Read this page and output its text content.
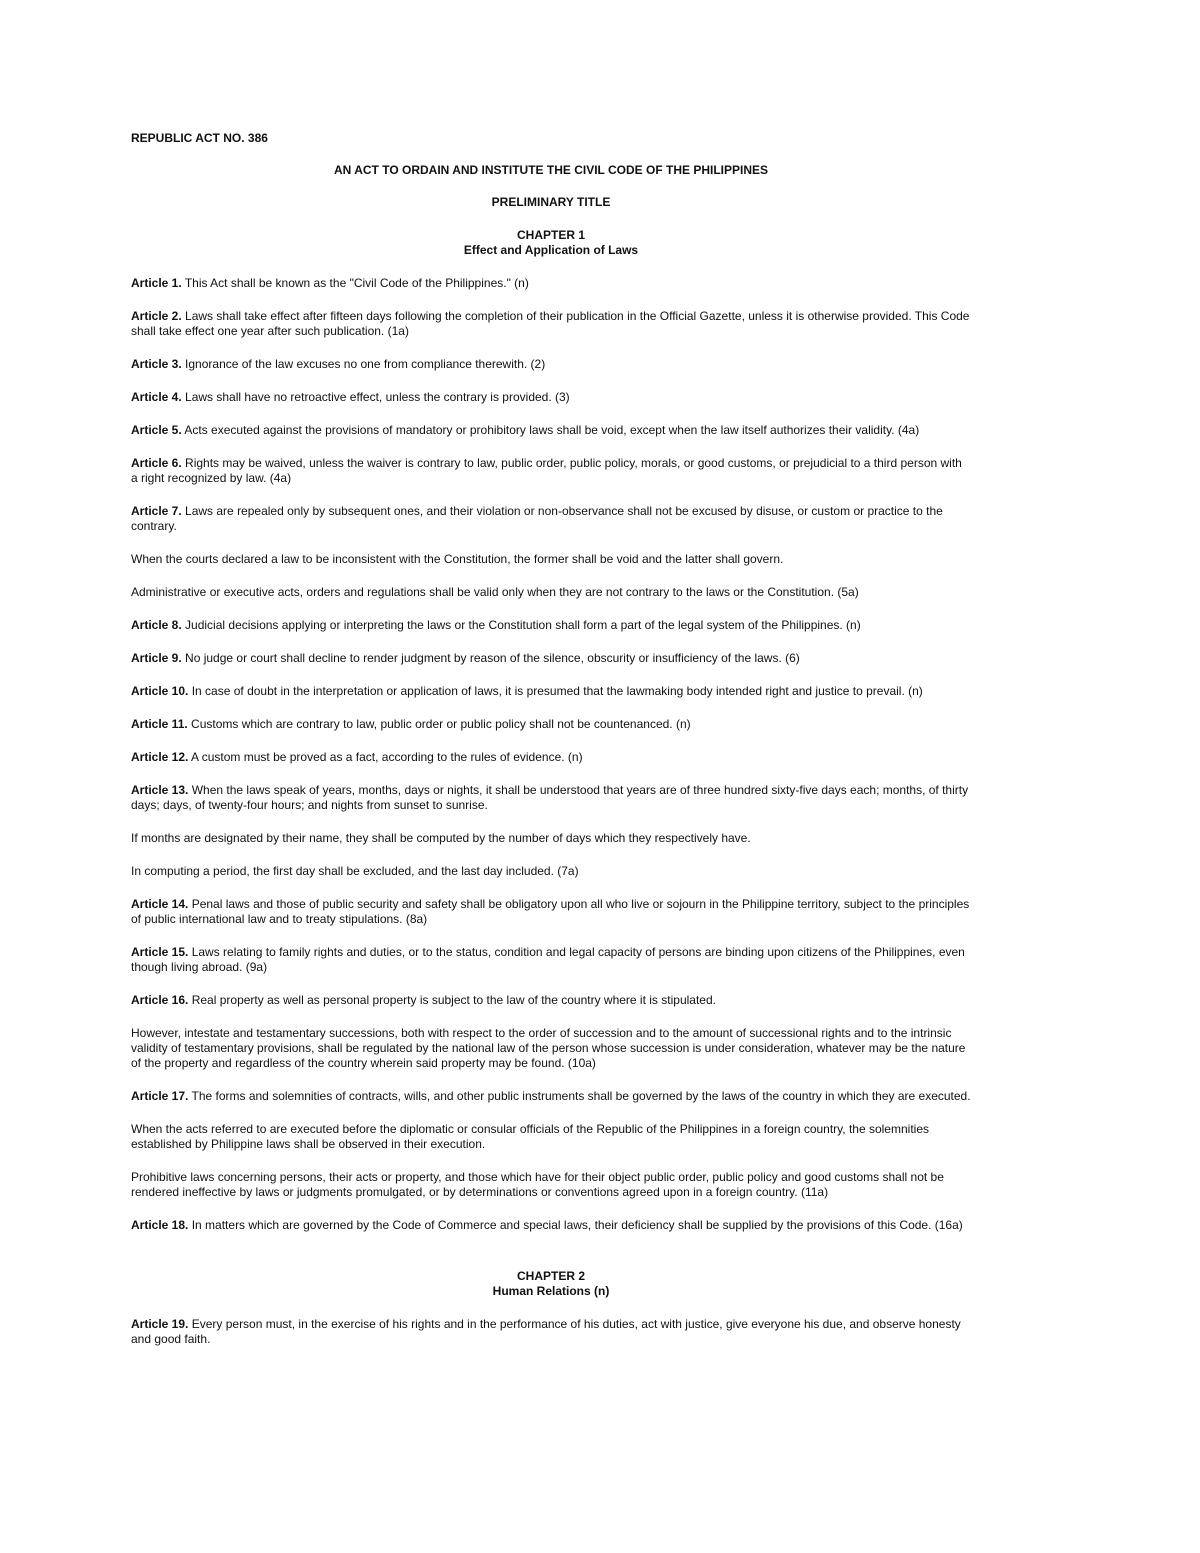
REPUBLIC ACT NO. 386
AN ACT TO ORDAIN AND INSTITUTE THE CIVIL CODE OF THE PHILIPPINES
PRELIMINARY TITLE
CHAPTER 1
Effect and Application of Laws

Article 1. This Act shall be known as the "Civil Code of the Philippines." (n)

Article 2. Laws shall take effect after fifteen days following the completion of their publication in the Official Gazette, unless it is otherwise provided. This Code shall take effect one year after such publication. (1a)

Article 3. Ignorance of the law excuses no one from compliance therewith. (2)

Article 4. Laws shall have no retroactive effect, unless the contrary is provided. (3)

Article 5. Acts executed against the provisions of mandatory or prohibitory laws shall be void, except when the law itself authorizes their validity. (4a)

Article 6. Rights may be waived, unless the waiver is contrary to law, public order, public policy, morals, or good customs, or prejudicial to a third person with a right recognized by law. (4a)

Article 7. Laws are repealed only by subsequent ones, and their violation or non-observance shall not be excused by disuse, or custom or practice to the contrary.

When the courts declared a law to be inconsistent with the Constitution, the former shall be void and the latter shall govern.

Administrative or executive acts, orders and regulations shall be valid only when they are not contrary to the laws or the Constitution. (5a)

Article 8. Judicial decisions applying or interpreting the laws or the Constitution shall form a part of the legal system of the Philippines. (n)

Article 9. No judge or court shall decline to render judgment by reason of the silence, obscurity or insufficiency of the laws. (6)

Article 10. In case of doubt in the interpretation or application of laws, it is presumed that the lawmaking body intended right and justice to prevail. (n)

Article 11. Customs which are contrary to law, public order or public policy shall not be countenanced. (n)

Article 12. A custom must be proved as a fact, according to the rules of evidence. (n)

Article 13. When the laws speak of years, months, days or nights, it shall be understood that years are of three hundred sixty-five days each; months, of thirty days; days, of twenty-four hours; and nights from sunset to sunrise.

If months are designated by their name, they shall be computed by the number of days which they respectively have.

In computing a period, the first day shall be excluded, and the last day included. (7a)

Article 14. Penal laws and those of public security and safety shall be obligatory upon all who live or sojourn in the Philippine territory, subject to the principles of public international law and to treaty stipulations. (8a)

Article 15. Laws relating to family rights and duties, or to the status, condition and legal capacity of persons are binding upon citizens of the Philippines, even though living abroad. (9a)

Article 16. Real property as well as personal property is subject to the law of the country where it is stipulated.

However, intestate and testamentary successions, both with respect to the order of succession and to the amount of successional rights and to the intrinsic validity of testamentary provisions, shall be regulated by the national law of the person whose succession is under consideration, whatever may be the nature of the property and regardless of the country wherein said property may be found. (10a)

Article 17. The forms and solemnities of contracts, wills, and other public instruments shall be governed by the laws of the country in which they are executed.

When the acts referred to are executed before the diplomatic or consular officials of the Republic of the Philippines in a foreign country, the solemnities established by Philippine laws shall be observed in their execution.

Prohibitive laws concerning persons, their acts or property, and those which have for their object public order, public policy and good customs shall not be rendered ineffective by laws or judgments promulgated, or by determinations or conventions agreed upon in a foreign country. (11a)

Article 18. In matters which are governed by the Code of Commerce and special laws, their deficiency shall be supplied by the provisions of this Code. (16a)

CHAPTER 2
Human Relations (n)

Article 19. Every person must, in the exercise of his rights and in the performance of his duties, act with justice, give everyone his due, and observe honesty and good faith.
